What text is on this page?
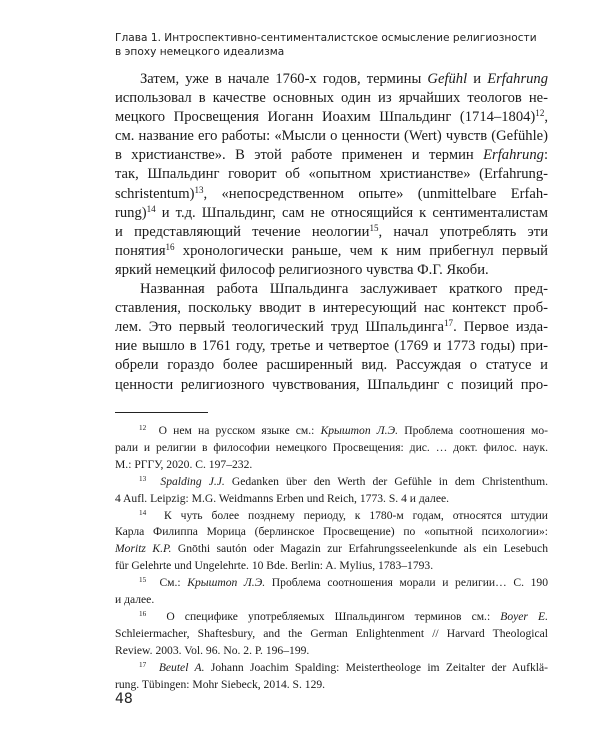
Глава 1. Интроспективно-сентименталистское осмысление религиозности
в эпоху немецкого идеализма
Затем, уже в начале 1760-х годов, термины Gefühl и Erfahrung
использовал в качестве основных один из ярчайших теологов не-
мецкого Просвещения Иоганн Иоахим Шпальдинг (1714–1804)$^{12}$,
см. название его работы: «Мысли о ценности (Wert) чувств (Gefühle)
в христианстве». В этой работе применен и термин Erfahrung:
так, Шпальдинг говорит об «опытном христианстве» (Erfahrung-
schristentum)$^{13}$, «непосредственном опыте» (unmittelbare Erfah-
rung)$^{14}$ и т.д. Шпальдинг, сам не относящийся к сентименталистам
и представляющий течение неологии$^{15}$, начал употреблять эти
понятия$^{16}$ хронологически раньше, чем к ним прибегнул первый
яркий немецкий философ религиозного чувства Ф.Г. Якоби.
Названная работа Шпальдинга заслуживает краткого пред-
ставления, поскольку вводит в интересующий нас контекст проб-
лем. Это первый теологический труд Шпальдинга$^{17}$. Первое изда-
ние вышло в 1761 году, третье и четвертое (1769 и 1773 годы) при-
обрели гораздо более расширенный вид. Рассуждая о статусе и
ценности религиозного чувствования, Шпальдинг с позиций про-
$^{12}$ О нем на русском языке см.: Крыштоп Л.Э. Проблема соотношения мо-
рали и религии в философии немецкого Просвещения: дис. … докт. филос. наук.
М.: РГГУ, 2020. С. 197–232.
$^{13}$ Spalding J.J. Gedanken über den Werth der Gefühle in dem Christenthum.
4 Aufl. Leipzig: M.G. Weidmanns Erben und Reich, 1773. S. 4 и далее.
$^{14}$ К чуть более позднему периоду, к 1780-м годам, относятся штудии
Карла Филиппа Морица (берлинское Просвещение) по «опытной психологии»:
Moritz K.P. Gnōthi sautón oder Magazin zur Erfahrungsseelenkunde als ein Lesebuch
für Gelehrte und Ungelehrte. 10 Bde. Berlin: A. Mylius, 1783–1793.
$^{15}$ См.: Крыштоп Л.Э. Проблема соотношения морали и религии… С. 190
и далее.
$^{16}$ О специфике употребляемых Шпальдингом терминов см.: Boyer E.
Schleiermacher, Shaftesbury, and the German Enlightenment // Harvard Theological
Review. 2003. Vol. 96. No. 2. P. 196–199.
$^{17}$ Beutel A. Johann Joachim Spalding: Meistertheologe im Zeitalter der Aufklä-
rung. Tübingen: Mohr Siebeck, 2014. S. 129.
48
